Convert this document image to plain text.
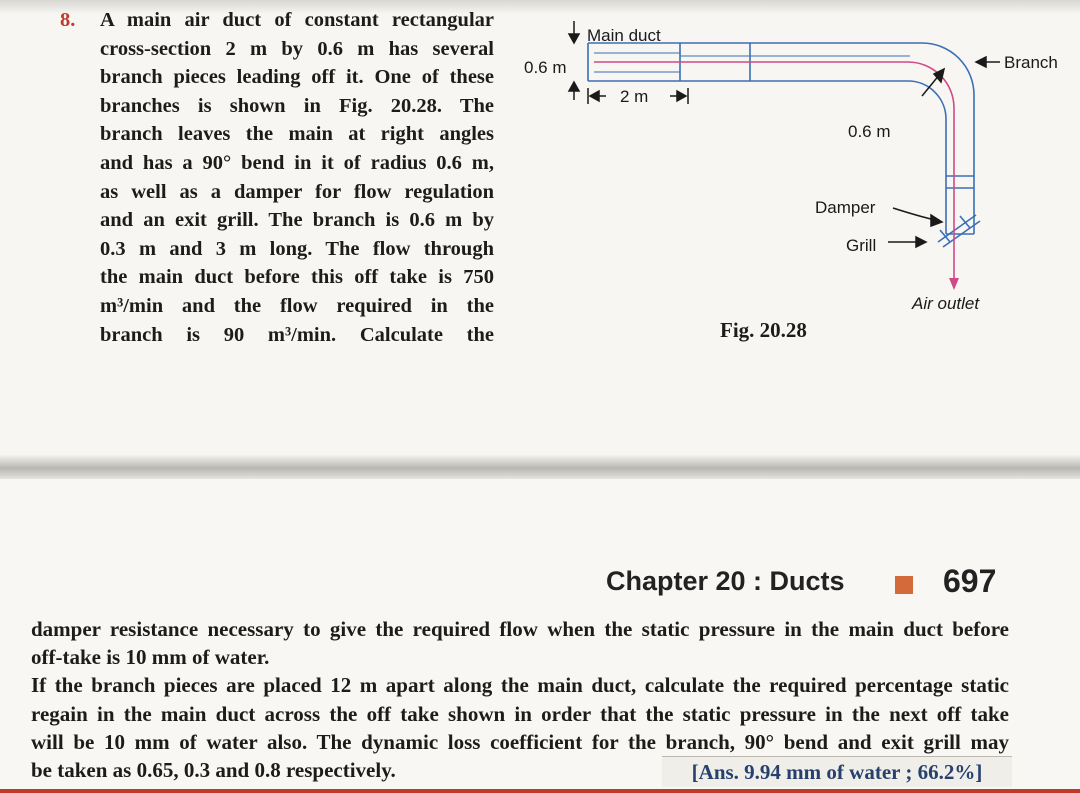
8. A main air duct of constant rectangular
cross-section 2 m by 0.6 m has several
branch pieces leading off it. One of these
branches is shown in Fig. 20.28. The
branch leaves the main at right angles
and has a 90° bend in it of radius 0.6 m,
as well as a damper for flow regulation
and an exit grill. The branch is 0.6 m by
0.3 m and 3 m long. The flow through
the main duct before this off take is 750
m³/min and the flow required in the
branch is 90 m³/min. Calculate the
Main duct
0.6 m
2 m
Branch
0.6 m
Damper
Grill
Air outlet
Fig. 20.28
Chapter 20 : Ducts	697
damper resistance necessary to give the required flow when the static pressure in the main duct before
off-take is 10 mm of water.
If the branch pieces are placed 12 m apart along the main duct, calculate the required percentage static
regain in the main duct across the off take shown in order that the static pressure in the next off take
will be 10 mm of water also. The dynamic loss coefficient for the branch, 90° bend and exit grill may
be taken as 0.65, 0.3 and 0.8 respectively.	[Ans. 9.94 mm of water ; 66.2%]
